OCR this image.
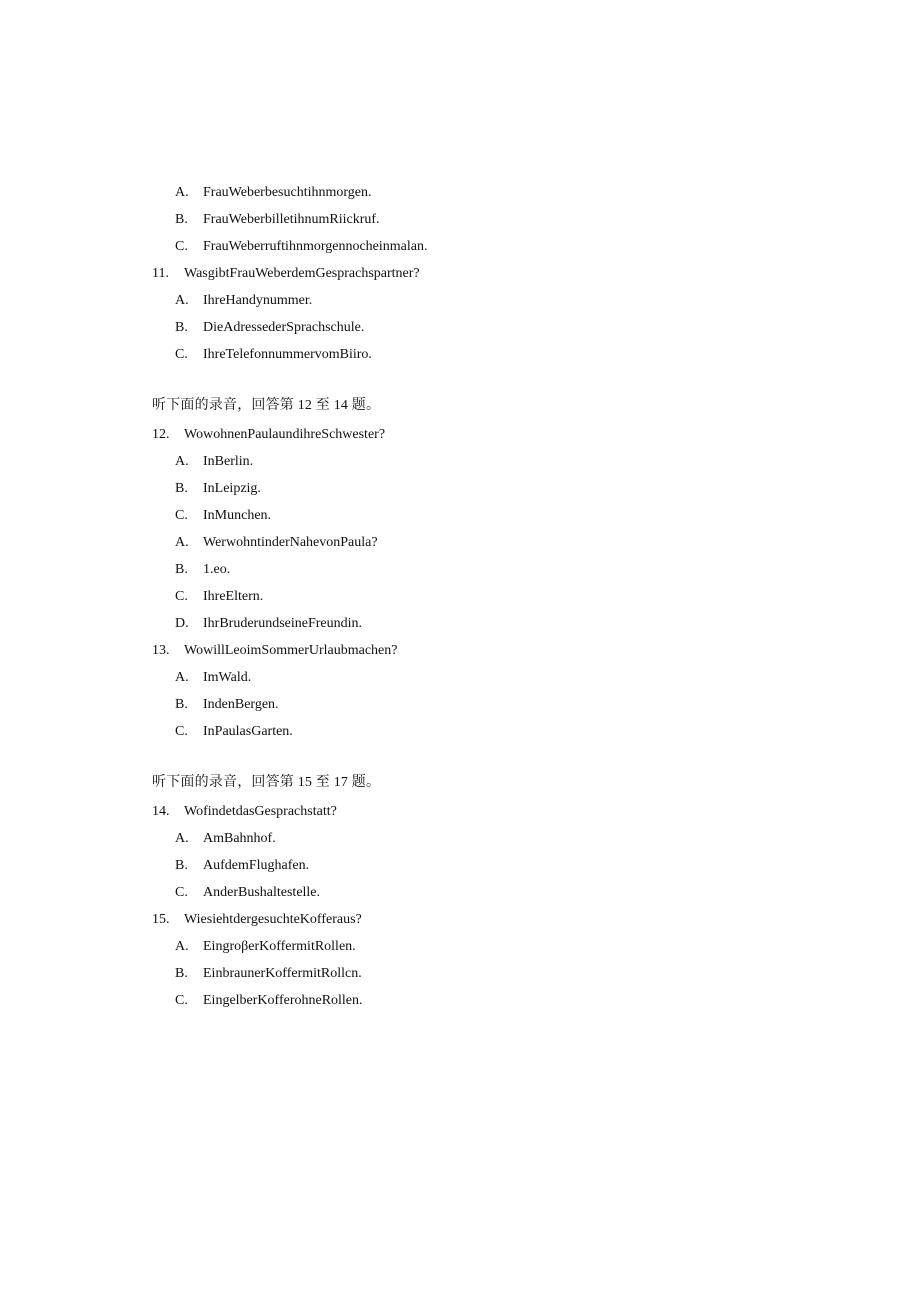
A. FrauWeberbesuchtihnmorgen.
B. FrauWeberbilletihnumRiickruf.
C. FrauWeberruftihnmorgennocheinmalan.
11. WasgibtFrauWeberdemGesprachspartner?
A. IhreHandynummer.
B. DieAdressederSprachschule.
C. IhreTelefonnummervomBiiro.
听下面的录音，回答第 12 至 14 题。
12. WowohnenPaulaundihreSchwester?
A. InBerlin.
B. InLeipzig.
C. InMunchen.
A. WerwohntinderNahevonPaula?
B. 1.eo.
C. IhreEltern.
D. IhrBruderundseineFreundin.
13. WowillLeoimSommerUrlaubmachen?
A. ImWald.
B. IndenBergen.
C. InPaulasGarten.
听下面的录音，回答第 15 至 17 题。
14. WofindetdasGesprachstatt?
A. AmBahnhof.
B. AufdemFlughafen.
C. AnderBushaltestelle.
15. WiesiehtdergesuchteKofferaus?
A. EingroβerKoffermitRollen.
B. EinbraunerKoffermitRollcn.
C. EingelberKofferohneRollen.
